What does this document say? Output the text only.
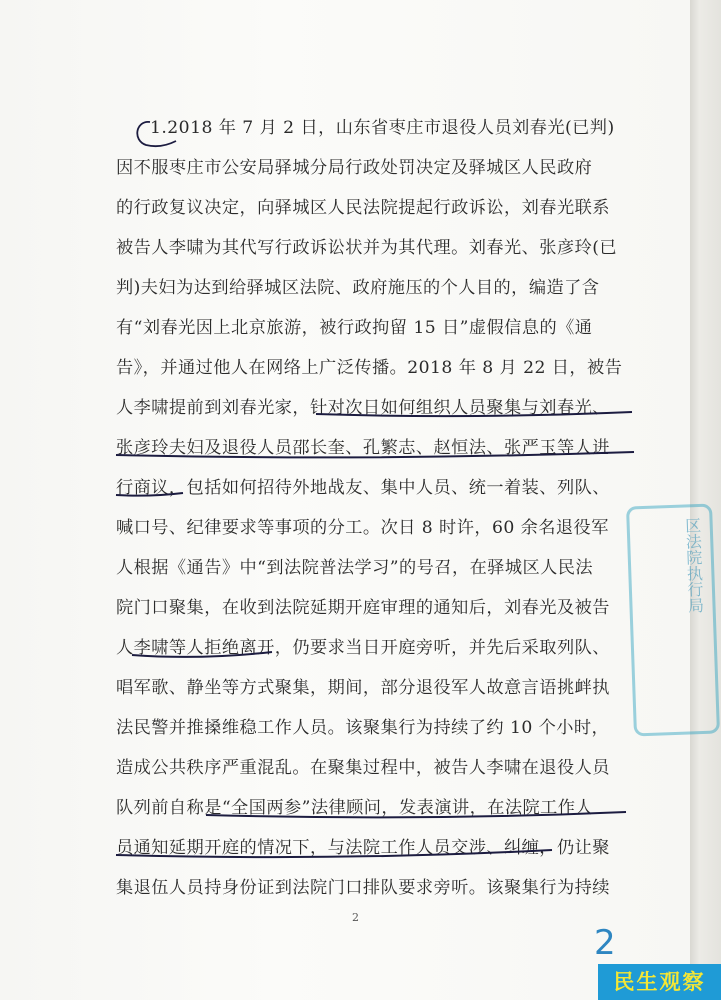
1.2018 年 7 月 2 日，山东省枣庄市退役人员刘春光(已判)
因不服枣庄市公安局驿城分局行政处罚决定及驿城区人民政府
的行政复议决定，向驿城区人民法院提起行政诉讼，刘春光联系
被告人李啸为其代写行政诉讼状并为其代理。刘春光、张彦玲(已
判)夫妇为达到给驿城区法院、政府施压的个人目的，编造了含
有“刘春光因上北京旅游，被行政拘留 15 日”虚假信息的《通
告》，并通过他人在网络上广泛传播。2018 年 8 月 22 日，被告
人李啸提前到刘春光家，针对次日如何组织人员聚集与刘春光、
张彦玲夫妇及退役人员邵长奎、孔繁志、赵恒法、张严玉等人进
行商议，包括如何招待外地战友、集中人员、统一着装、列队、
喊口号、纪律要求等事项的分工。次日 8 时许，60 余名退役军
人根据《通告》中“到法院普法学习”的号召，在驿城区人民法
院门口聚集，在收到法院延期开庭审理的通知后，刘春光及被告
人李啸等人拒绝离开，仍要求当日开庭旁听，并先后采取列队、
唱军歌、静坐等方式聚集，期间，部分退役军人故意言语挑衅执
法民警并推搡维稳工作人员。该聚集行为持续了约 10 个小时，
造成公共秩序严重混乱。在聚集过程中，被告人李啸在退役人员
队列前自称是“全国两参”法律顾问，发表演讲，在法院工作人
员通知延期开庭的情况下，与法院工作人员交涉、纠缠，仍让聚
集退伍人员持身份证到法院门口排队要求旁听。该聚集行为持续
2
区法院执行局
2
民生观察
